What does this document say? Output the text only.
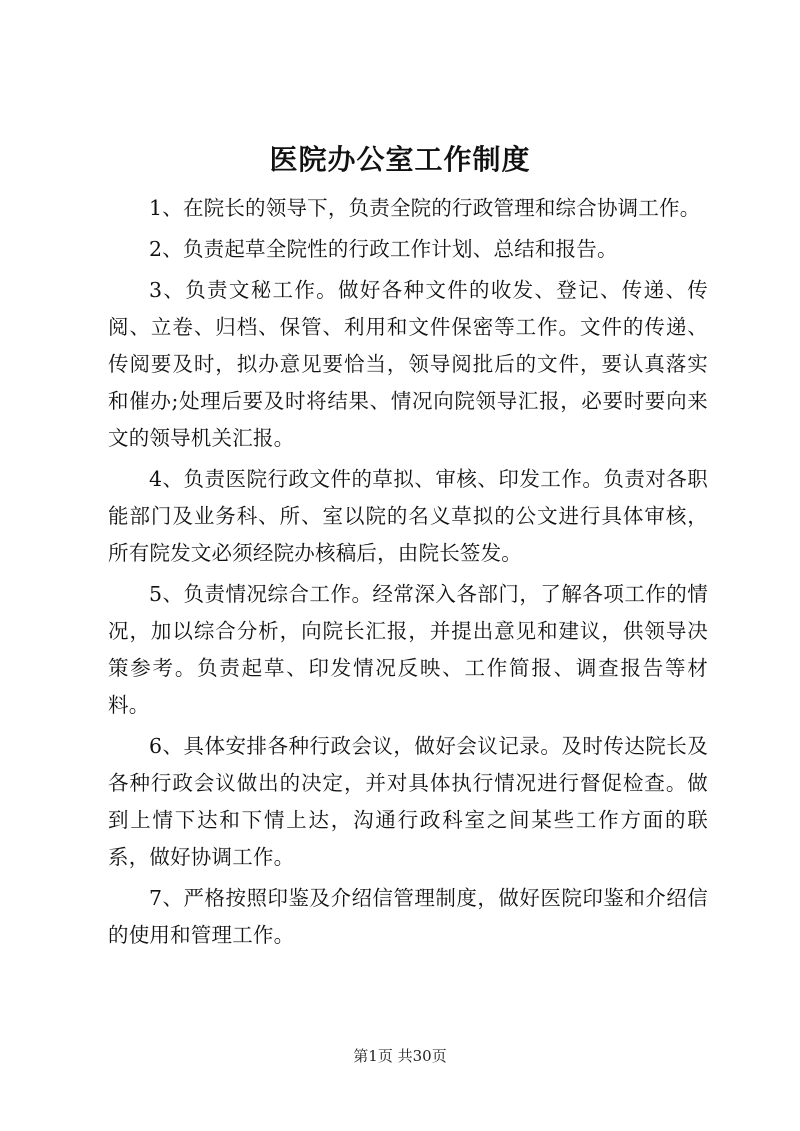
医院办公室工作制度

1、在院长的领导下，负责全院的行政管理和综合协调工作。

2、负责起草全院性的行政工作计划、总结和报告。

3、负责文秘工作。做好各种文件的收发、登记、传递、传阅、立卷、归档、保管、利用和文件保密等工作。文件的传递、传阅要及时，拟办意见要恰当，领导阅批后的文件，要认真落实和催办;处理后要及时将结果、情况向院领导汇报，必要时要向来文的领导机关汇报。

4、负责医院行政文件的草拟、审核、印发工作。负责对各职能部门及业务科、所、室以院的名义草拟的公文进行具体审核，所有院发文必须经院办核稿后，由院长签发。

5、负责情况综合工作。经常深入各部门，了解各项工作的情况，加以综合分析，向院长汇报，并提出意见和建议，供领导决策参考。负责起草、印发情况反映、工作简报、调查报告等材料。

6、具体安排各种行政会议，做好会议记录。及时传达院长及各种行政会议做出的决定，并对具体执行情况进行督促检查。做到上情下达和下情上达，沟通行政科室之间某些工作方面的联系，做好协调工作。

7、严格按照印鉴及介绍信管理制度，做好医院印鉴和介绍信的使用和管理工作。

第1页 共30页
